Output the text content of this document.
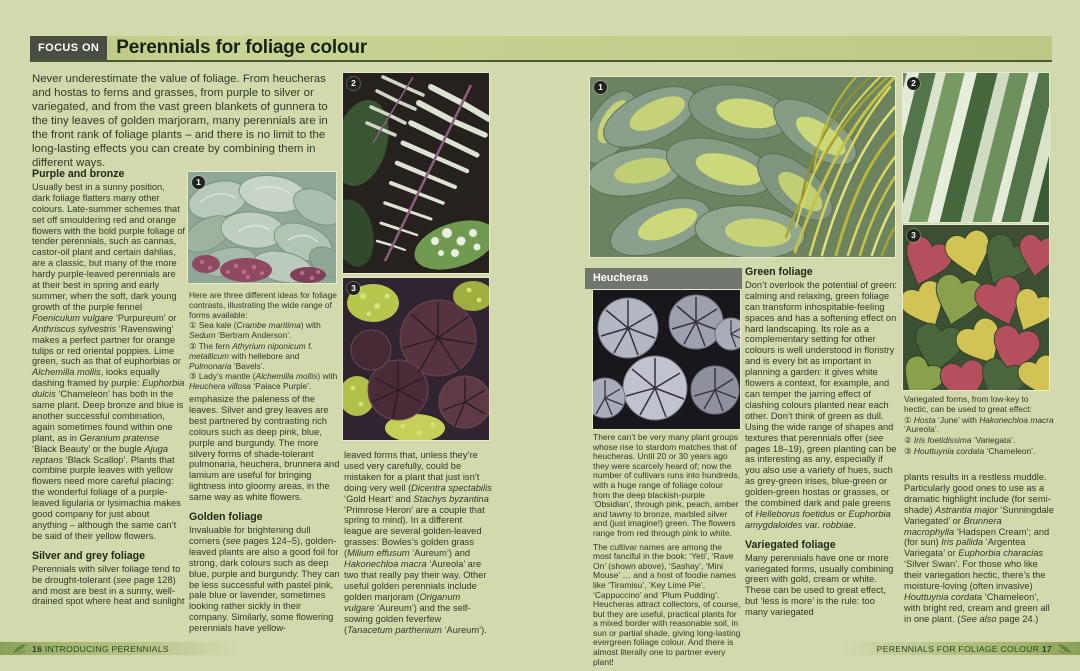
FOCUS ON Perennials for foliage colour
Never underestimate the value of foliage. From heucheras and hostas to ferns and grasses, from purple to silver or variegated, and from the vast green blankets of gunnera to the tiny leaves of golden marjoram, many perennials are in the front rank of foliage plants – and there is no limit to the long-lasting effects you can create by combining them in different ways.
Purple and bronze

Usually best in a sunny position, dark foliage flatters many other colours. Late-summer schemes that set off smouldering red and orange flowers with the bold purple foliage of tender perennials, such as cannas, castor-oil plant and certain dahlias, are a classic, but many of the more hardy purple-leaved perennials are at their best in spring and early summer, when the soft, dark young growth of the purple fennel Foeniculum vulgare ‘Purpureum’ or Anthriscus sylvestris ‘Ravenswing’ makes a perfect partner for orange tulips or red oriental poppies. Lime green, such as that of euphorbias or Alchemilla mollis, looks equally dashing framed by purple: Euphorbia dulcis ‘Chameleon’ has both in the same plant. Deep bronze and blue is another successful combination, again sometimes found within one plant, as in Geranium pratense ‘Black Beauty’ or the bugle Ajuga reptans ‘Black Scallop’. Plants that combine purple leaves with yellow flowers need more careful placing: the wonderful foliage of a purple-leaved ligularia or lysimachia makes good company for just about anything – although the same can’t be said of their yellow flowers.

Silver and grey foliage

Perennials with silver foliage tend to be drought-tolerant (see page 128) and most are best in a sunny, well-drained spot where heat and sunlight

1

Here are three different ideas for foliage contrasts, illustrating the wide range of forms available:

① Sea kale (Crambe maritima) with Sedum ‘Bertram Anderson’.

② The fern Athyrium niponicum f. metallicum with hellebore and Pulmonaria ‘Bavels’.

③ Lady’s mantle (Alchemilla mollis) with Heuchera villosa ‘Palace Purple’.

emphasize the paleness of the leaves. Silver and grey leaves are best partnered by contrasting rich colours such as deep pink, blue, purple and burgundy. The more silvery forms of shade-tolerant pulmonaria, heuchera, brunnera and lamium are useful for bringing lightness into gloomy areas, in the same way as white flowers.

Golden foliage

Invaluable for brightening dull corners (see pages 124–5), golden-leaved plants are also a good foil for strong, dark colours such as deep blue, purple and burgundy. They can be less successful with pastel pink, pale blue or lavender, sometimes looking rather sickly in their company. Similarly, some flowering perennials have yellow-

2
3

leaved forms that, unless they’re used very carefully, could be mistaken for a plant that just isn’t doing very well (Dicentra spectabilis ‘Gold Heart’ and Stachys byzantina ‘Primrose Heron’ are a couple that spring to mind). In a different league are several golden-leaved grasses: Bowles’s golden grass (Milium effusum ‘Aureum’) and Hakonechloa macra ‘Aureola’ are two that really pay their way. Other useful golden perennials include golden marjoram (Origanum vulgare ‘Aureum’) and the self-sowing golden feverfew (Tanacetum parthenium ‘Aureum’).

1
Heucheras

There can’t be very many plant groups whose rise to stardom matches that of heucheras. Until 20 or 30 years ago they were scarcely heard of; now the number of cultivars runs into hundreds, with a huge range of foliage colour from the deep blackish-purple ‘Obsidian’, through pink, peach, amber and tawny to bronze, marbled silver and (just imagine!) green. The flowers range from red through pink to white.

The cultivar names are among the most fanciful in the book: ‘Yeti’, ‘Rave On’ (shown above), ‘Sashay’, ‘Mini Mouse’ … and a host of foodie names like ‘Tiramisu’, ‘Key Lime Pie’, ‘Cappuccino’ and ‘Plum Pudding’. Heucheras attract collectors, of course, but they are useful, practical plants for a mixed border with reasonable soil, in sun or partial shade, giving long-lasting evergreen foliage colour. And there is almost literally one to partner every plant!

Green foliage

Don’t overlook the potential of green: calming and relaxing, green foliage can transform inhospitable-feeling spaces and has a softening effect on hard landscaping. Its role as a complementary setting for other colours is well understood in floristry and is every bit as important in planning a garden: it gives white flowers a context, for example, and can temper the jarring effect of clashing colours planted near each other. Don’t think of green as dull. Using the wide range of shapes and textures that perennials offer (see pages 18–19), green planting can be as interesting as any, especially if you also use a variety of hues, such as grey-green irises, blue-green or golden-green hostas or grasses, or the combined dark and pale greens of Helleborus foetidus or Euphorbia amygdaloides var. robbiae.

Variegated foliage

Many perennials have one or more variegated forms, usually combining green with gold, cream or white. These can be used to great effect, but ‘less is more’ is the rule: too many variegated

2
3

Variegated forms, from low-key to hectic, can be used to great effect:

① Hosta ‘June’ with Hakonechloa macra ‘Aureola’.

② Iris foetidissima ‘Variegata’.

③ Houttuynia cordata ‘Chameleon’.

plants results in a restless muddle. Particularly good ones to use as a dramatic highlight include (for semi-shade) Astrantia major ‘Sunningdale Variegated’ or Brunnera macrophylla ‘Hadspen Cream’; and (for sun) Iris pallida ‘Argentea Variegata’ or Euphorbia characias ‘Silver Swan’. For those who like their variegation hectic, there’s the moisture-loving (often invasive) Houttuynia cordata ‘Chameleon’, with bright red, cream and green all in one plant. (See also page 24.)

16 INTRODUCING PERENNIALS	PERENNIALS FOR FOLIAGE COLOUR 17
